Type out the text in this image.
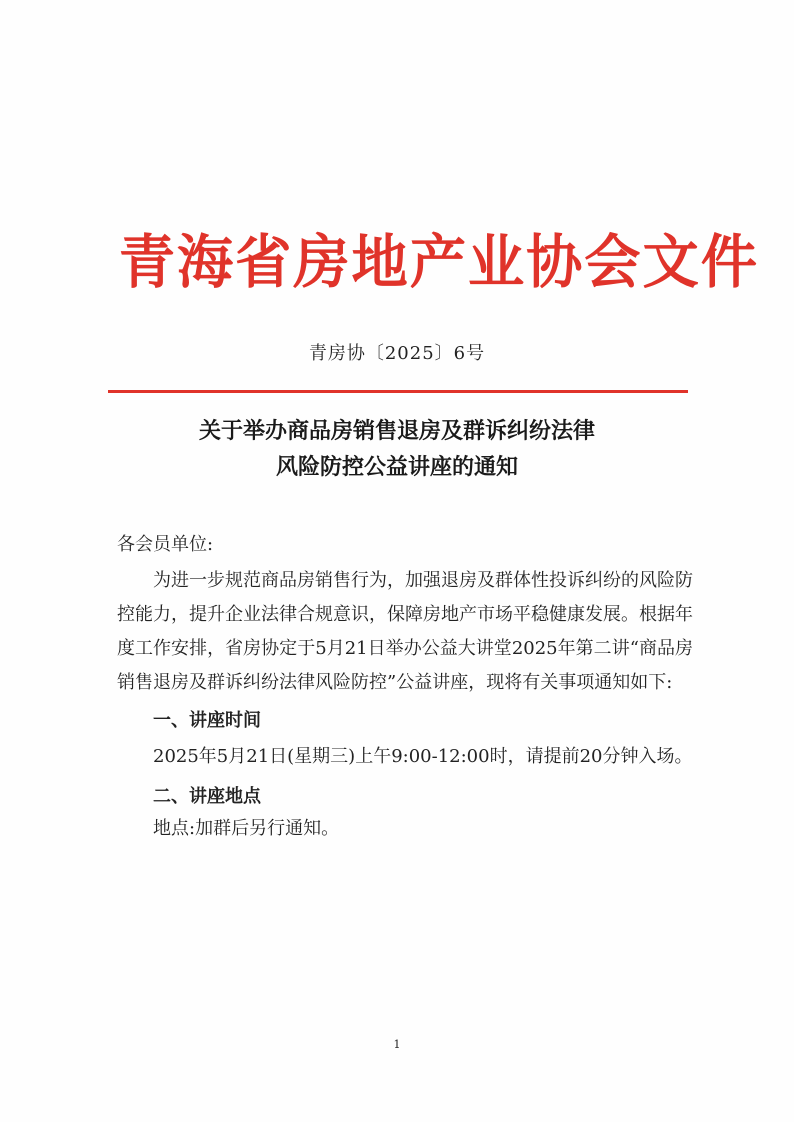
青海省房地产业协会文件
青房协〔2025〕6号
关于举办商品房销售退房及群诉纠纷法律
风险防控公益讲座的通知

各会员单位:

为进一步规范商品房销售行为，加强退房及群体性投诉纠纷的风险防控能力，提升企业法律合规意识，保障房地产市场平稳健康发展。根据年度工作安排，省房协定于5月21日举办公益大讲堂2025年第二讲“商品房销售退房及群诉纠纷法律风险防控”公益讲座，现将有关事项通知如下:

一、讲座时间

2025年5月21日(星期三)上午9:00-12:00时，请提前20分钟入场。

二、讲座地点

地点:加群后另行通知。

1
